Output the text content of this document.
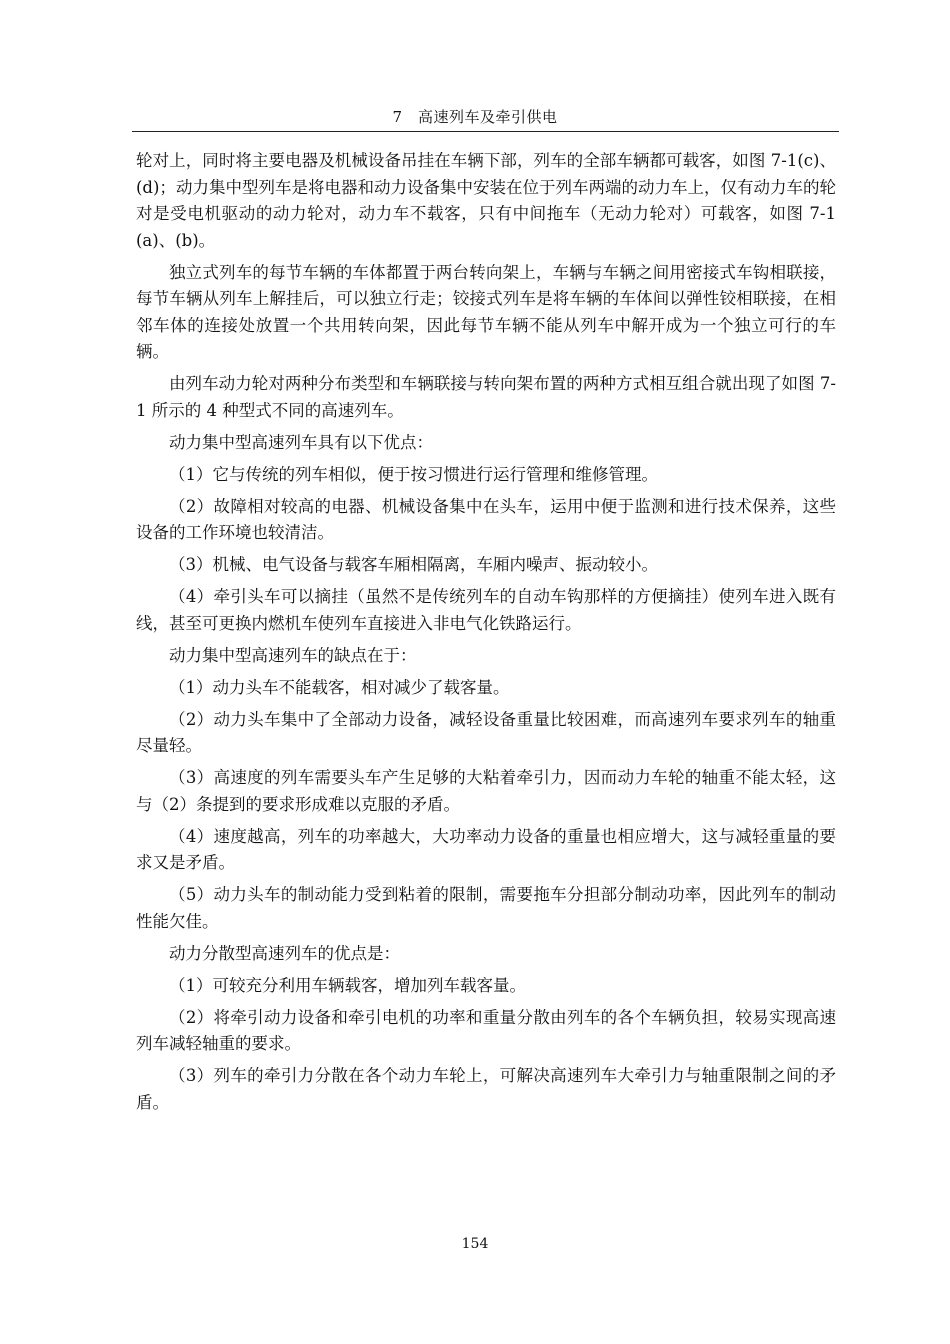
7　高速列车及牵引供电

轮对上，同时将主要电器及机械设备吊挂在车辆下部，列车的全部车辆都可载客，如图 7-1(c)、(d)；动力集中型列车是将电器和动力设备集中安装在位于列车两端的动力车上，仅有动力车的轮对是受电机驱动的动力轮对，动力车不载客，只有中间拖车（无动力轮对）可载客，如图 7-1(a)、(b)。

独立式列车的每节车辆的车体都置于两台转向架上，车辆与车辆之间用密接式车钩相联接，每节车辆从列车上解挂后，可以独立行走；铰接式列车是将车辆的车体间以弹性铰相联接，在相邻车体的连接处放置一个共用转向架，因此每节车辆不能从列车中解开成为一个独立可行的车辆。

由列车动力轮对两种分布类型和车辆联接与转向架布置的两种方式相互组合就出现了如图 7-1 所示的 4 种型式不同的高速列车。

动力集中型高速列车具有以下优点：

（1）它与传统的列车相似，便于按习惯进行运行管理和维修管理。

（2）故障相对较高的电器、机械设备集中在头车，运用中便于监测和进行技术保养，这些设备的工作环境也较清洁。

（3）机械、电气设备与载客车厢相隔离，车厢内噪声、振动较小。

（4）牵引头车可以摘挂（虽然不是传统列车的自动车钩那样的方便摘挂）使列车进入既有线，甚至可更换内燃机车使列车直接进入非电气化铁路运行。

动力集中型高速列车的缺点在于：

（1）动力头车不能载客，相对减少了载客量。

（2）动力头车集中了全部动力设备，减轻设备重量比较困难，而高速列车要求列车的轴重尽量轻。

（3）高速度的列车需要头车产生足够的大粘着牵引力，因而动力车轮的轴重不能太轻，这与（2）条提到的要求形成难以克服的矛盾。

（4）速度越高，列车的功率越大，大功率动力设备的重量也相应增大，这与减轻重量的要求又是矛盾。

（5）动力头车的制动能力受到粘着的限制，需要拖车分担部分制动功率，因此列车的制动性能欠佳。

动力分散型高速列车的优点是：

（1）可较充分利用车辆载客，增加列车载客量。

（2）将牵引动力设备和牵引电机的功率和重量分散由列车的各个车辆负担，较易实现高速列车减轻轴重的要求。

（3）列车的牵引力分散在各个动力车轮上，可解决高速列车大牵引力与轴重限制之间的矛盾。

154
